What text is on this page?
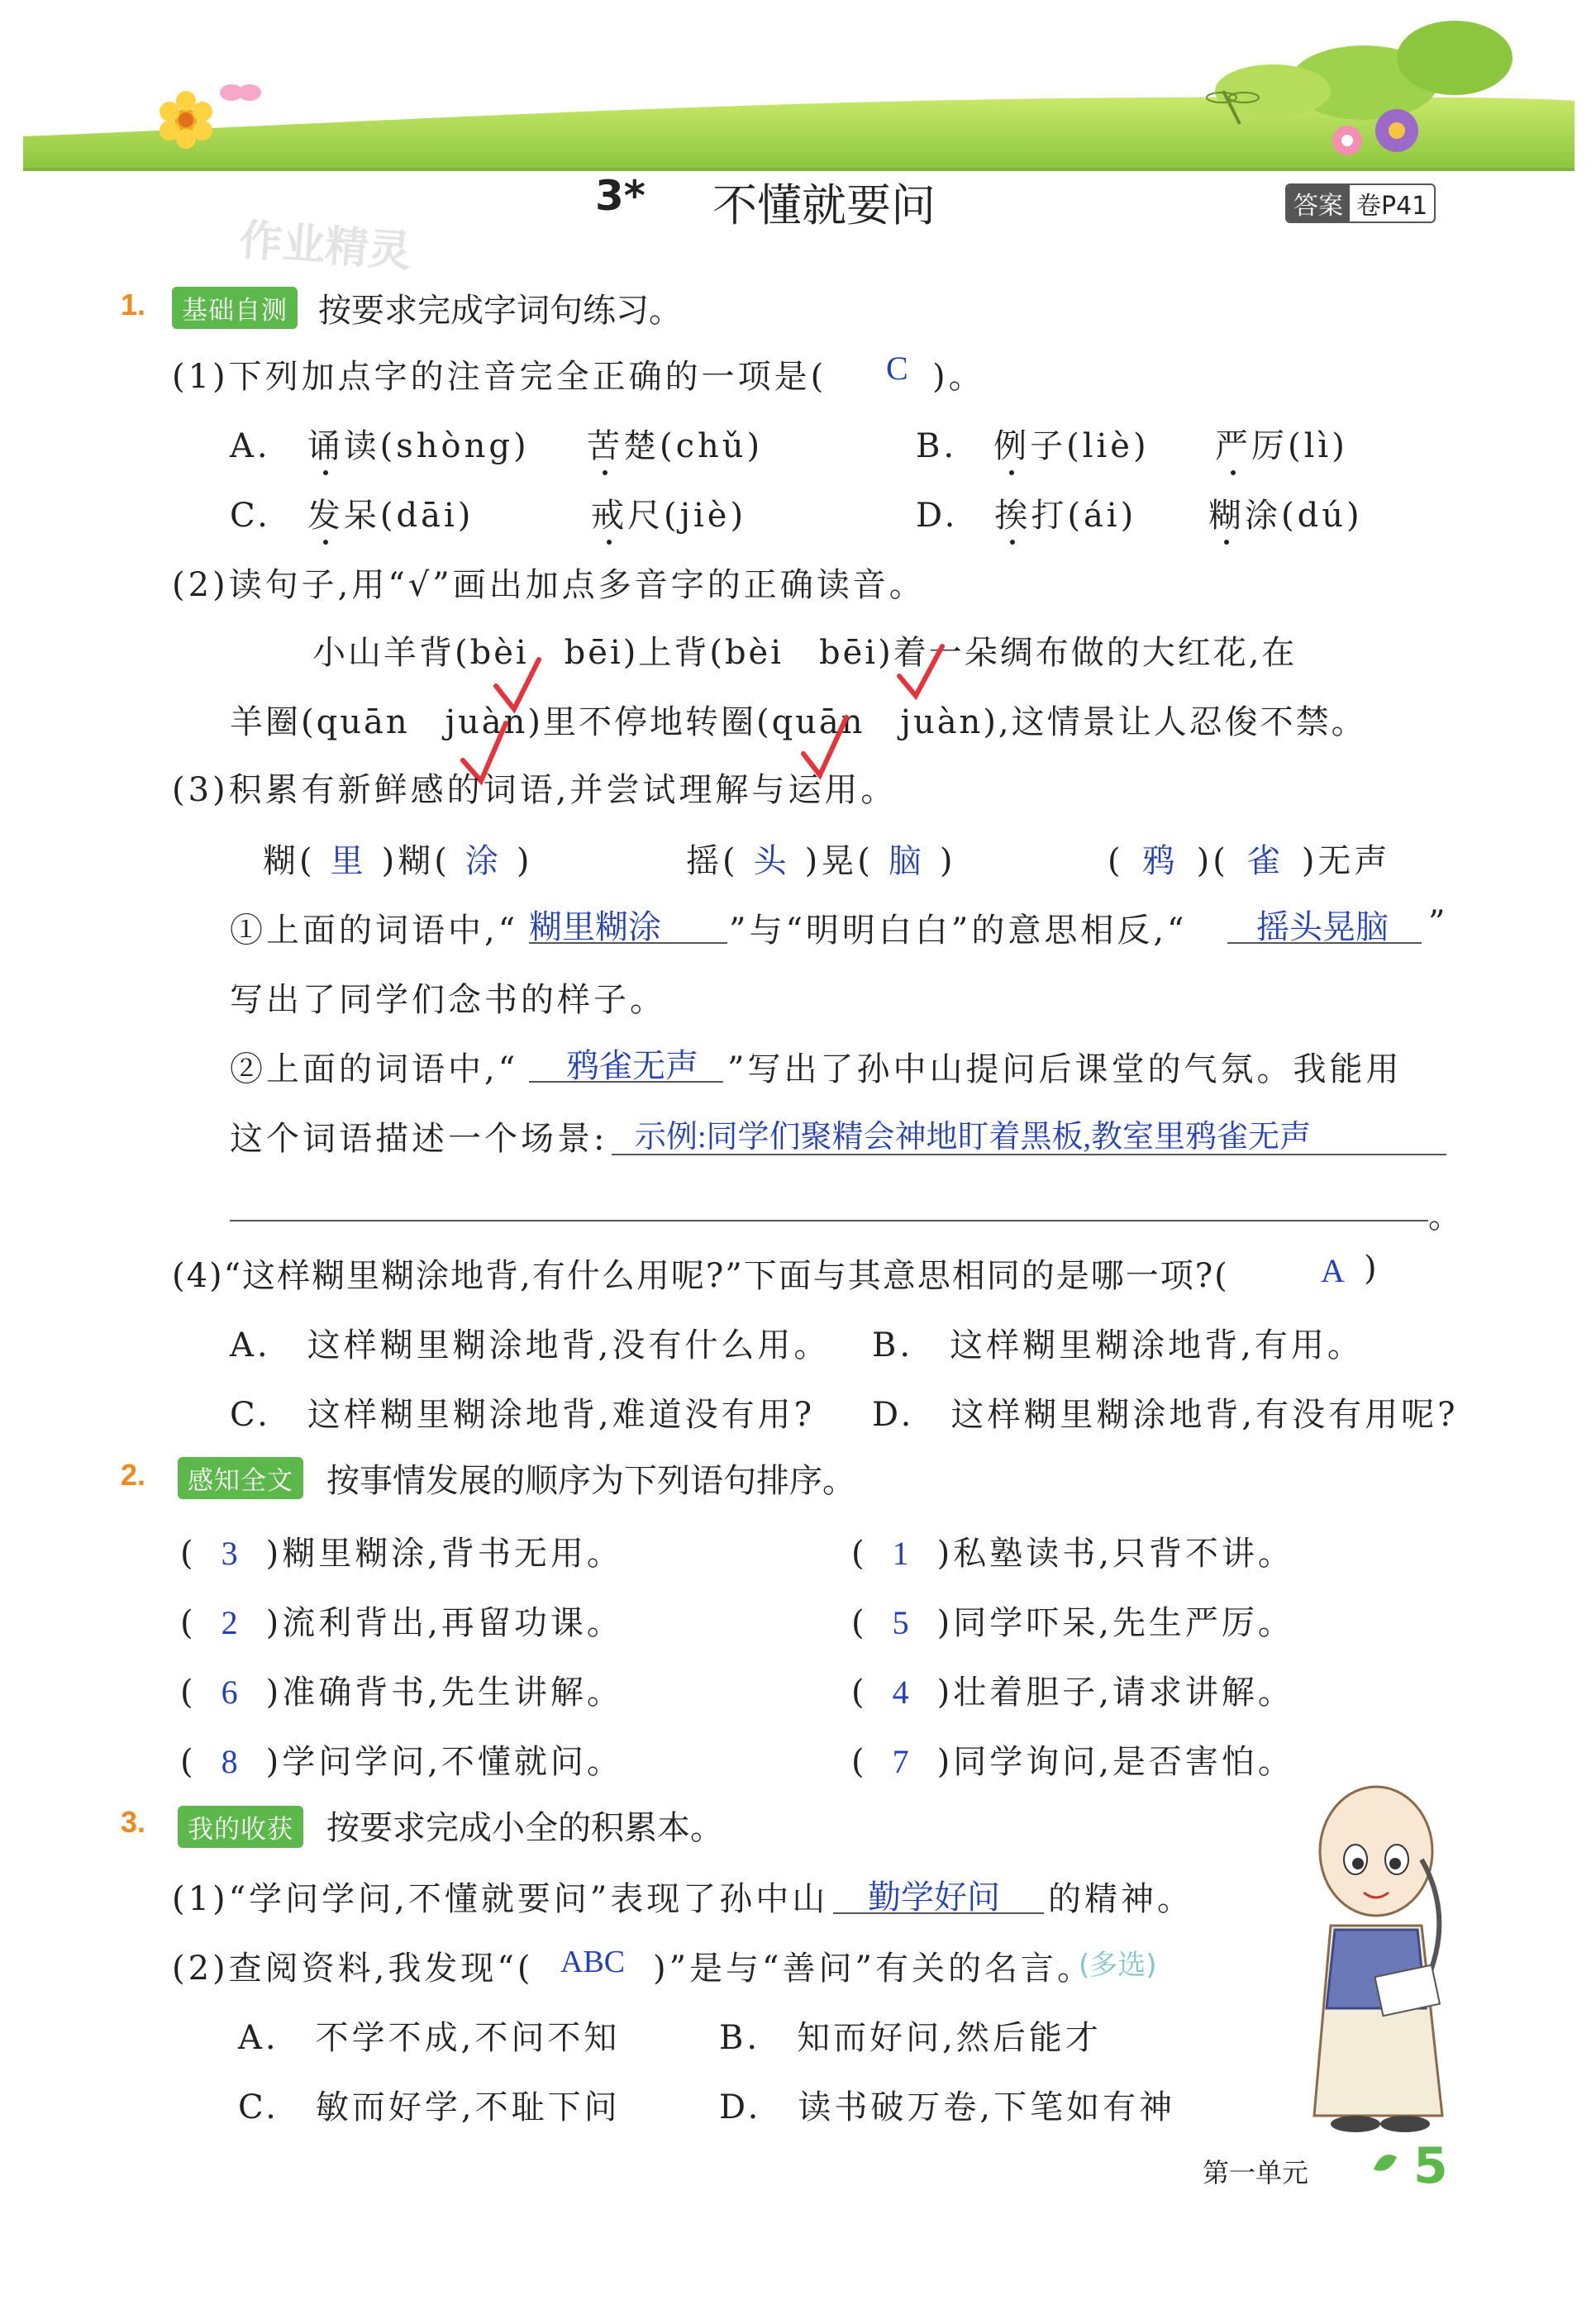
3* 不懂就要问	答案 卷P41
作业精灵
1.	基础自测 按要求完成字词句练习。
(1)下列加点字的注音完全正确的一项是( C )。
A.　 诵读(shòng) 苦楚(chǔ)	B.　 例子(liè) 严厉(lì)
C.　 发呆(dāi)	戒尺(jiè)	D.　 挨打(ái) 糊涂(dú)
(2)读句子,用“√”画出加点多音字的正确读音。
小山羊背(bèi　bēi)上背(bèi　bēi)着一朵绸布做的大红花,在
羊圈(quān　juàn)里不停地转圈(quān　juàn),这情景让人忍俊不禁。
(3)积累有新鲜感的词语,并尝试理解与运用。
糊( 里 )糊( 涂 )	摇( 头 )晃( 脑 )	( 鸦 )( 雀 )无声
①上面的词语中,“ 糊里糊涂 ”与“明明白白”的意思相反,“ 摇头晃脑 ”
写出了同学们念书的样子。
②上面的词语中,“ 鸦雀无声 ”写出了孙中山提问后课堂的气氛。我能用
这个词语描述一个场景: 示例:同学们聚精会神地盯着黑板,教室里鸦雀无声
。
(4)“这样糊里糊涂地背,有什么用呢?”下面与其意思相同的是哪一项?(	A )
A.　这样糊里糊涂地背,没有什么用。 B.　这样糊里糊涂地背,有用。
C.　这样糊里糊涂地背,难道没有用? D.　这样糊里糊涂地背,有没有用呢?
2.	感知全文	按事情发展的顺序为下列语句排序。
( 3 )糊里糊涂,背书无用。	( 1 )私塾读书,只背不讲。
( 2 )流利背出,再留功课。	( 5 )同学吓呆,先生严厉。
( 6 )准确背书,先生讲解。	( 4 )壮着胆子,请求讲解。
( 8 )学问学问,不懂就问。	( 7 )同学询问,是否害怕。
3.	我的收获	按要求完成小全的积累本。
(1)“学问学问,不懂就要问”表现了孙中山 勤学好问 的精神。
(2)查阅资料,我发现“( ABC )”是与“善问”有关的名言。
(多选)
A.　不学不成,不问不知	B.　知而好问,然后能才
C.　敏而好学,不耻下问	D.　读书破万卷,下笔如有神
第一单元 5
